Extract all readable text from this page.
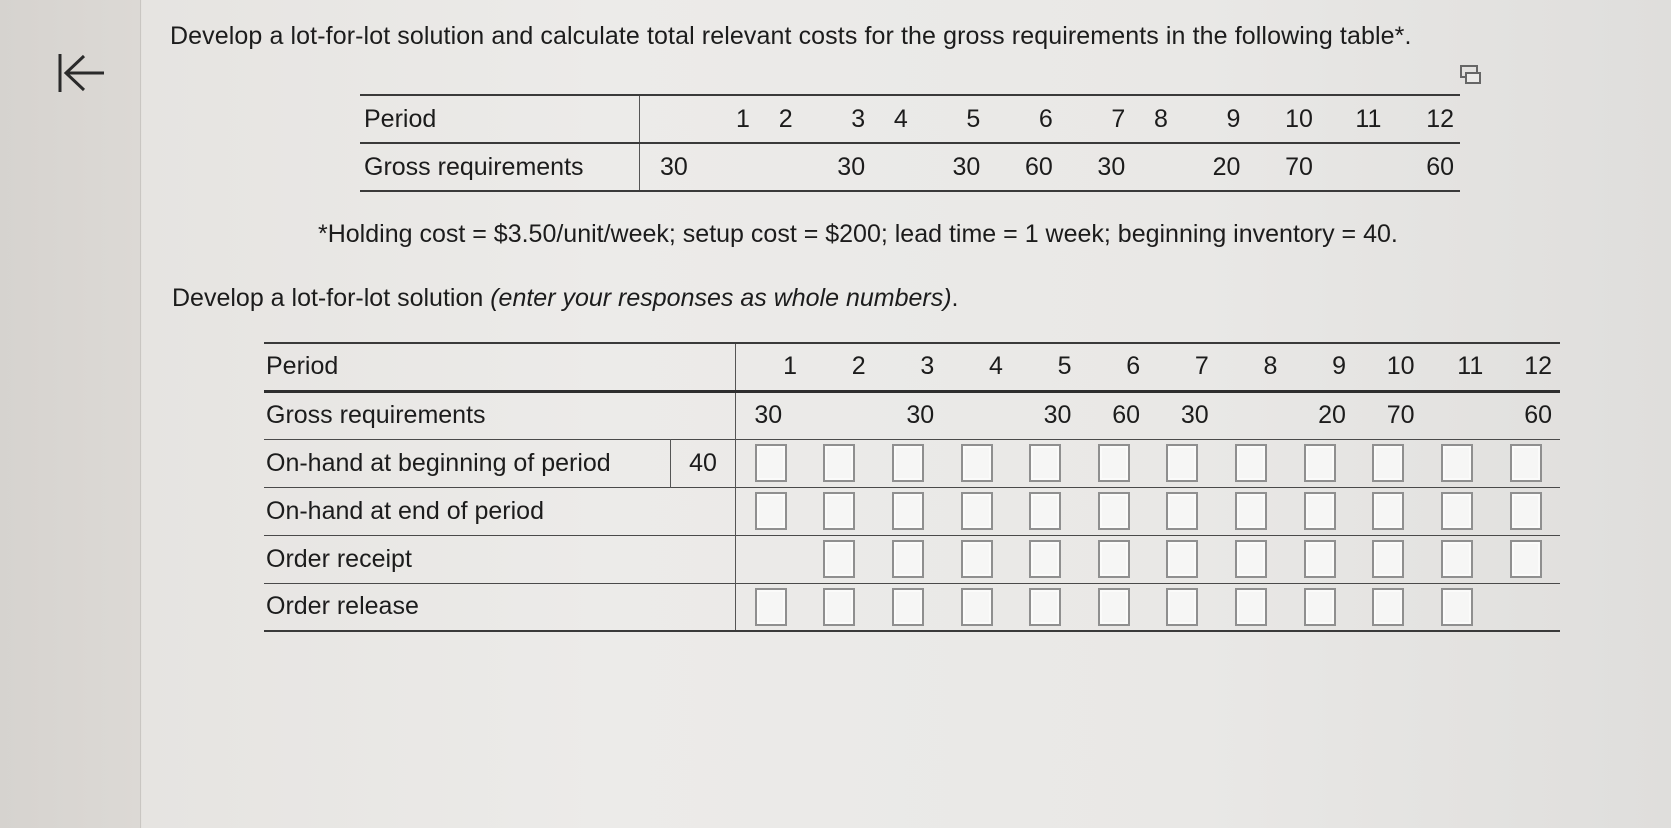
Develop a lot-for-lot solution and calculate total relevant costs for the gross requirements in the following table*.
Period	1	2	3	4	5	6	7	8	9	10	11	12
Gross requirements	30		30		30	60	30		20	70		60
*Holding cost = $3.50/unit/week; setup cost = $200; lead time = 1 week; beginning inventory = 40.
Develop a lot-for-lot solution (enter your responses as whole numbers).
Period		1	2	3	4	5	6	7	8	9	10	11	12
Gross requirements		30		30		30	60	30		20	70		60
On-hand at beginning of period	40												
On-hand at end of period													
Order receipt													
Order release													
